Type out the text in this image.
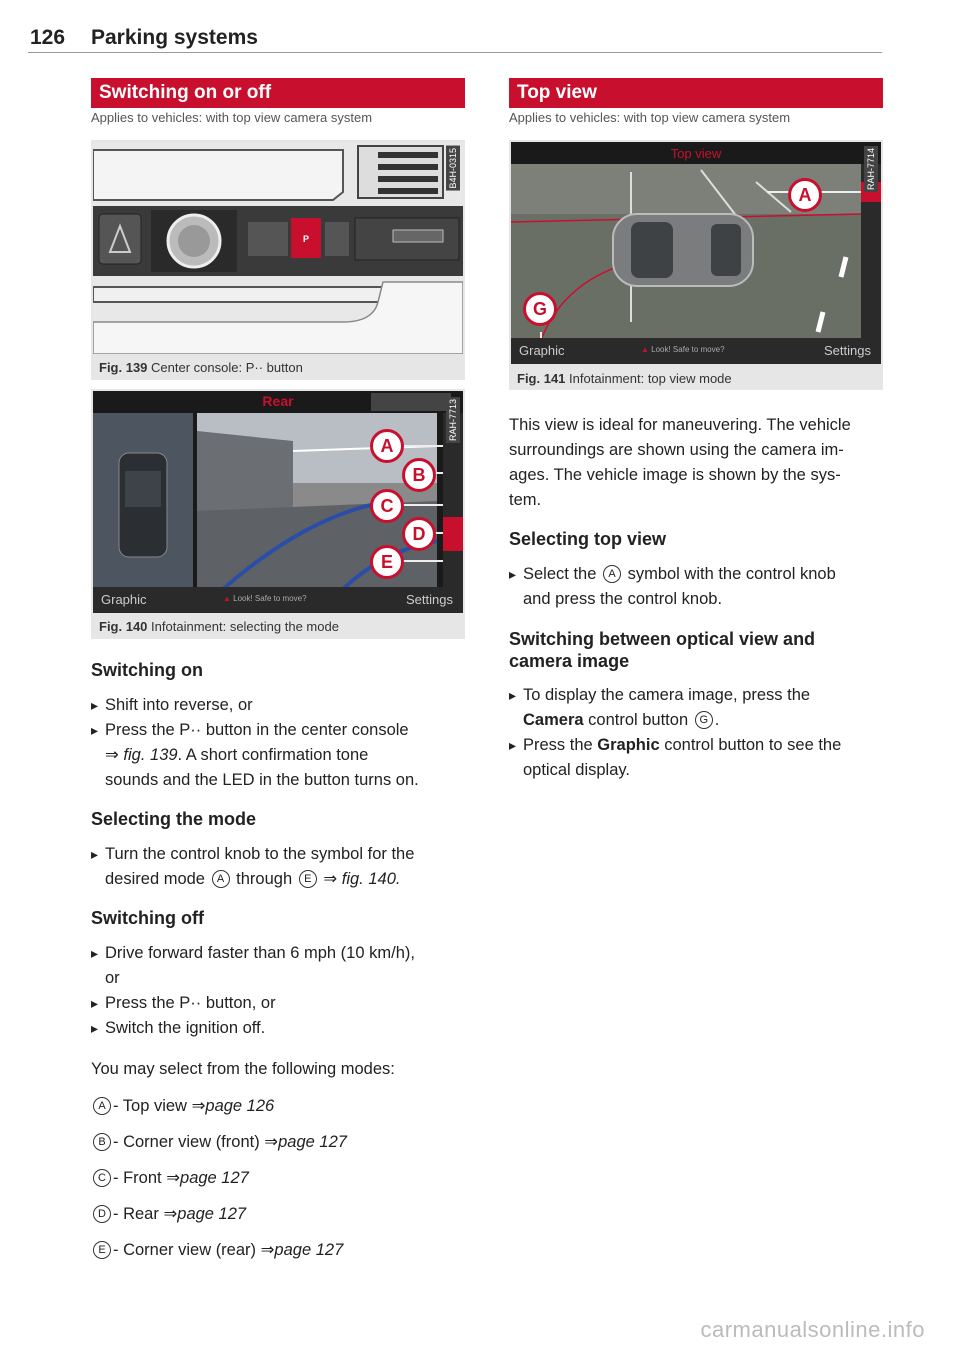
126 Parking systems
Switching on or off
Applies to vehicles: with top view camera system
P
B4H-0315
Fig. 139 Center console: P·· button
Rear
A
B
C
D
E
RAH-7713
Graphic	▲ Look! Safe to move?	Settings
Fig. 140 Infotainment: selecting the mode
Switching on
▸ Shift into reverse, or
▸ Press the P·· button in the center console
⇒ fig. 139. A short confirmation tone
sounds and the LED in the button turns on.
Selecting the mode
▸ Turn the control knob to the symbol for the
desired mode A through E ⇒ fig. 140.
Switching off
▸ Drive forward faster than 6 mph (10 km/h),
or
▸ Press the P·· button, or
▸ Switch the ignition off.
You may select from the following modes:
A - Top view ⇒page 126
B - Corner view (front) ⇒page 127
C - Front ⇒page 127
D - Rear ⇒page 127
E - Corner view (rear) ⇒page 127
Top view
Applies to vehicles: with top view camera system
Top view
A
G
RAH-7714
Graphic	▲ Look! Safe to move?	Settings
Fig. 141 Infotainment: top view mode
This view is ideal for maneuvering. The vehicle
surroundings are shown using the camera im-
ages. The vehicle image is shown by the sys-
tem.
Selecting top view
▸ Select the A symbol with the control knob
and press the control knob.
Switching between optical view and
camera image
▸ To display the camera image, press the
Camera control button G .
▸ Press the Graphic control button to see the
optical display.
carmanualsonline.info
